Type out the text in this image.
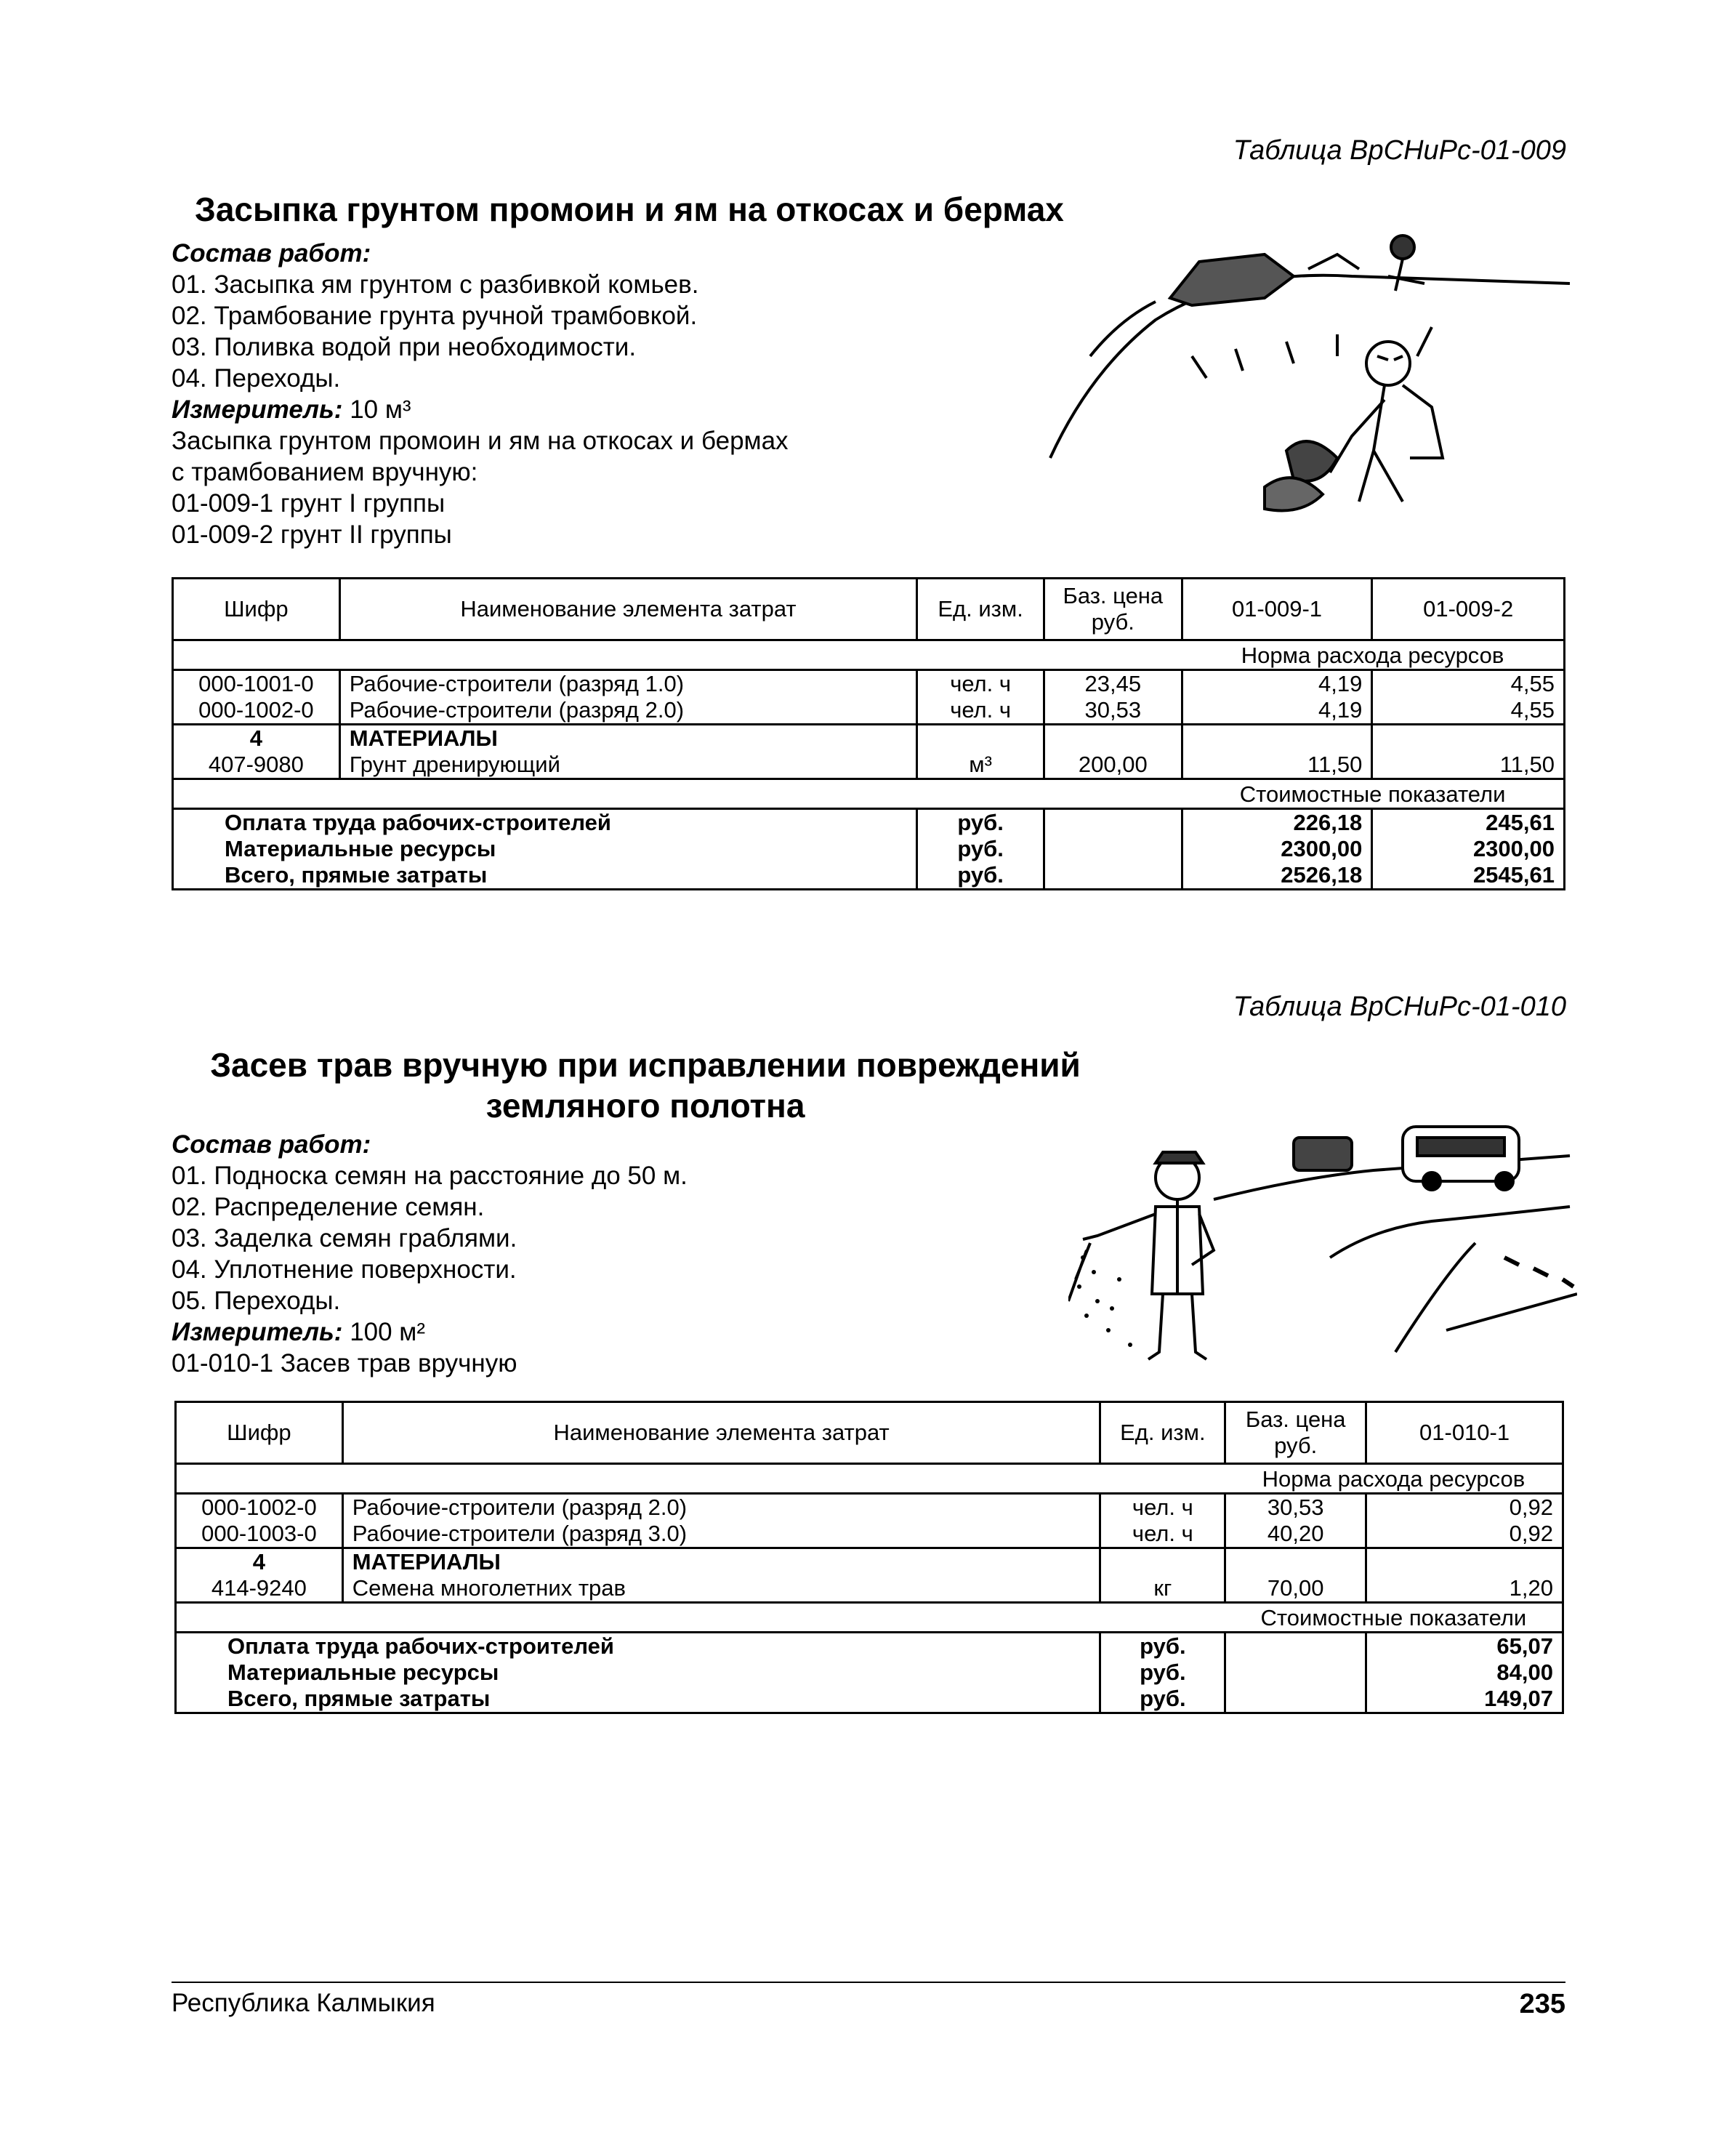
Таблица ВрСНиРс-01-009
Засыпка грунтом промоин и ям на откосах и бермах
Состав работ:
01. Засыпка ям грунтом с разбивкой комьев.
02. Трамбование грунта ручной трамбовкой.
03. Поливка водой при необходимости.
04. Переходы.
Измеритель: 10 м³
Засыпка грунтом промоин и ям на откосах и бермах
с трамбованием вручную:
01-009-1 грунт I группы
01-009-2 грунт II группы
Шифр	Наименование элемента затрат	Ед. изм.	Баз. цена руб.	01-009-1	01-009-2
				Норма расхода ресурсов	
000-1001-0	Рабочие-строители (разряд 1.0)	чел. ч	23,45	4,19	4,55
000-1002-0	Рабочие-строители (разряд 2.0)	чел. ч	30,53	4,19	4,55
4	МАТЕРИАЛЫ				
407-9080	Грунт дренирующий	м³	200,00	11,50	11,50
				Стоимостные показатели	
Оплата труда рабочих-строителей		руб.		226,18	245,61
Материальные ресурсы		руб.		2300,00	2300,00
Всего, прямые затраты		руб.		2526,18	2545,61
Таблица ВрСНиРс-01-010
Засев трав вручную при исправлении повреждений
земляного полотна
Состав работ:
01. Подноска семян на расстояние до 50 м.
02. Распределение семян.
03. Заделка семян граблями.
04. Уплотнение поверхности.
05. Переходы.
Измеритель: 100 м²
01-010-1 Засев трав вручную
Шифр	Наименование элемента затрат	Ед. изм.	Баз. цена руб.	01-010-1
			Норма расхода ресурсов	
000-1002-0	Рабочие-строители (разряд 2.0)	чел. ч	30,53	0,92
000-1003-0	Рабочие-строители (разряд 3.0)	чел. ч	40,20	0,92
4	МАТЕРИАЛЫ			
414-9240	Семена многолетних трав	кг	70,00	1,20
			Стоимостные показатели	
Оплата труда рабочих-строителей		руб.		65,07
Материальные ресурсы		руб.		84,00
Всего, прямые затраты		руб.		149,07
Республика Калмыкия	235
